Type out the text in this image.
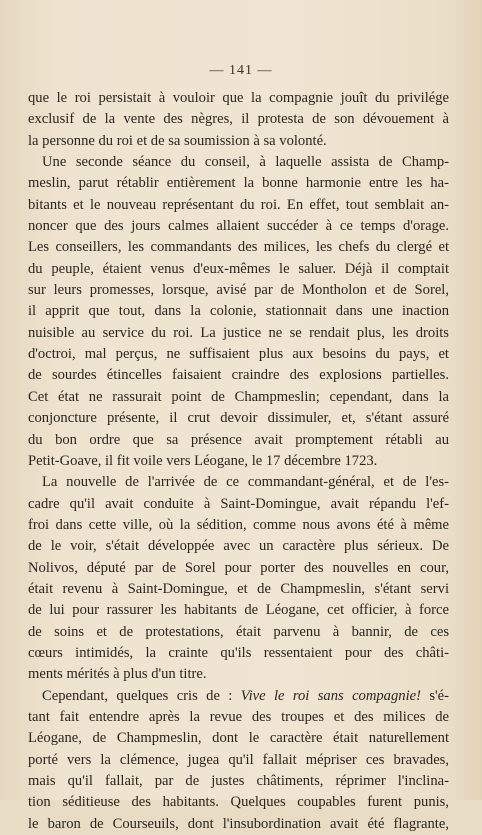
— 141 —
que le roi persistait à vouloir que la compagnie jouît du privilége
exclusif de la vente des nègres, il protesta de son dévouement à
la personne du roi et de sa soumission à sa volonté.
Une seconde séance du conseil, à laquelle assista de Champ-
meslin, parut rétablir entièrement la bonne harmonie entre les ha-
bitants et le nouveau représentant du roi. En effet, tout semblait an-
noncer que des jours calmes allaient succéder à ce temps d'orage.
Les conseillers, les commandants des milices, les chefs du clergé et
du peuple, étaient venus d'eux-mêmes le saluer. Déjà il comptait
sur leurs promesses, lorsque, avisé par de Montholon et de Sorel,
il apprit que tout, dans la colonie, stationnait dans une inaction
nuisible au service du roi. La justice ne se rendait plus, les droits
d'octroi, mal perçus, ne suffisaient plus aux besoins du pays, et
de sourdes étincelles faisaient craindre des explosions partielles.
Cet état ne rassurait point de Champmeslin; cependant, dans la
conjoncture présente, il crut devoir dissimuler, et, s'étant assuré
du bon ordre que sa présence avait promptement rétabli au
Petit-Goave, il fit voile vers Léogane, le 17 décembre 1723.
La nouvelle de l'arrivée de ce commandant-général, et de l'es-
cadre qu'il avait conduite à Saint-Domingue, avait répandu l'ef-
froi dans cette ville, où la sédition, comme nous avons été à même
de le voir, s'était développée avec un caractère plus sérieux. De
Nolivos, député par de Sorel pour porter des nouvelles en cour,
était revenu à Saint-Domingue, et de Champmeslin, s'étant servi
de lui pour rassurer les habitants de Léogane, cet officier, à force
de soins et de protestations, était parvenu à bannir, de ces
cœurs intimidés, la crainte qu'ils ressentaient pour des châti-
ments mérités à plus d'un titre.
Cependant, quelques cris de : Vive le roi sans compagnie! s'é-
tant fait entendre après la revue des troupes et des milices de
Léogane, de Champmeslin, dont le caractère était naturellement
porté vers la clémence, jugea qu'il fallait mépriser ces bravades,
mais qu'il fallait, par de justes châtiments, réprimer l'inclina-
tion séditieuse des habitants. Quelques coupables furent punis,
le baron de Courseuils, dont l'insubordination avait été flagrante,
